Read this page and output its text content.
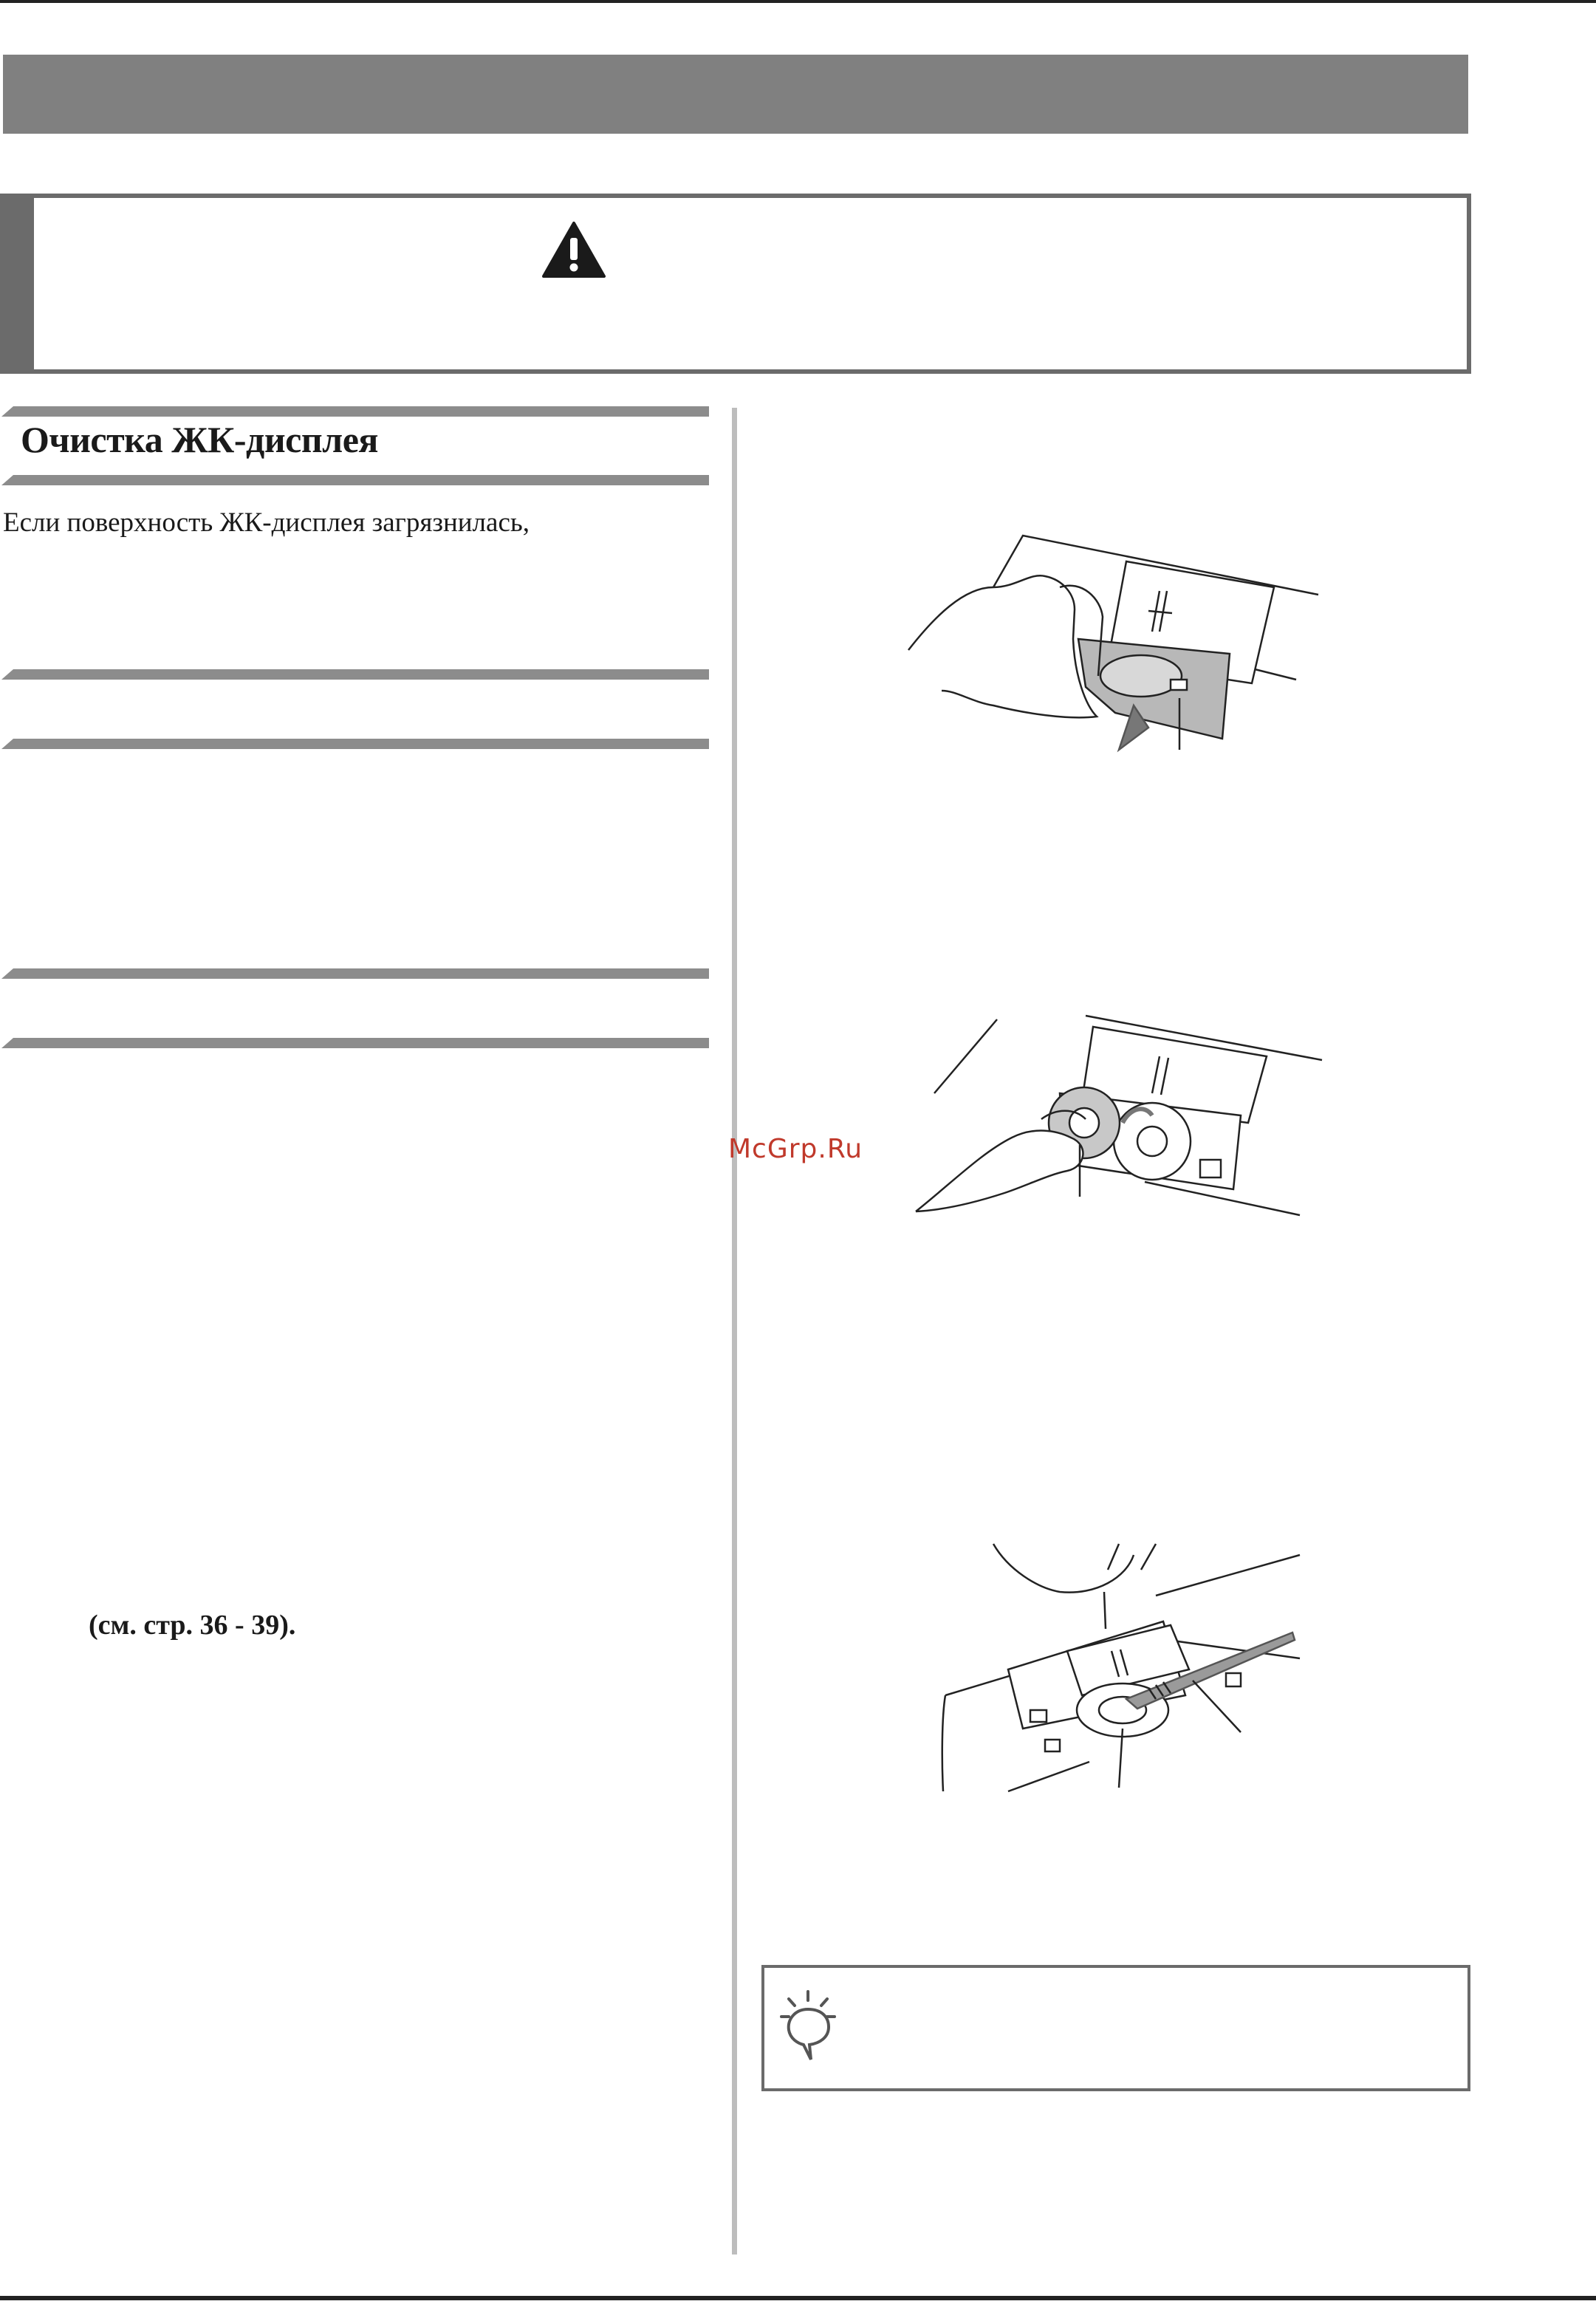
Очистка ЖК-дисплея
Если поверхность ЖК-дисплея загрязнилась,
(см. стр. 36 - 39).
McGrp.Ru
